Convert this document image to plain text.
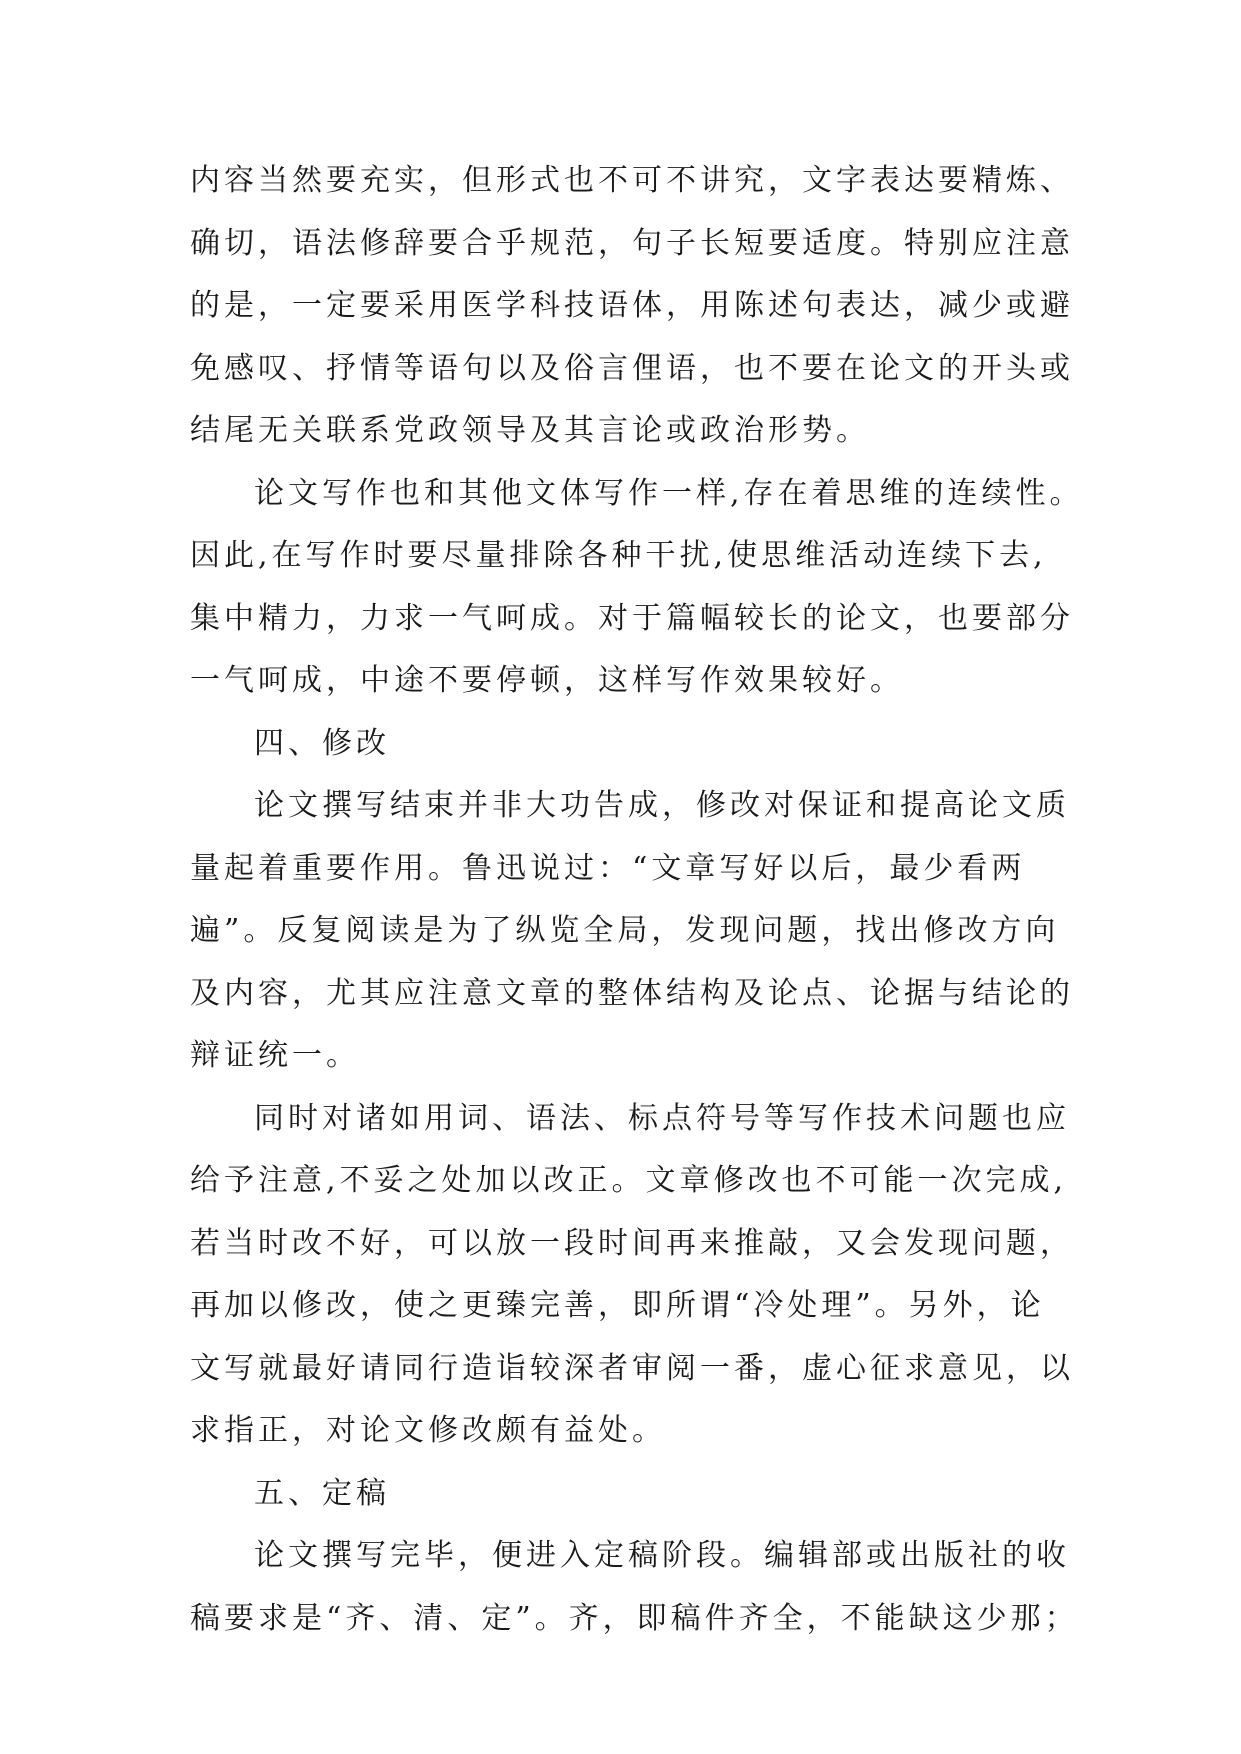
内容当然要充实，但形式也不可不讲究，文字表达要精炼、
确切，语法修辞要合乎规范，句子长短要适度。特别应注意
的是，一定要采用医学科技语体，用陈述句表达，减少或避
免感叹、抒情等语句以及俗言俚语，也不要在论文的开头或
结尾无关联系党政领导及其言论或政治形势。
论文写作也和其他文体写作一样,存在着思维的连续性。
因此,在写作时要尽量排除各种干扰,使思维活动连续下去,
集中精力，力求一气呵成。对于篇幅较长的论文，也要部分
一气呵成，中途不要停顿，这样写作效果较好。
四、修改
论文撰写结束并非大功告成，修改对保证和提高论文质
量起着重要作用。鲁迅说过：“文章写好以后，最少看两
遍”。反复阅读是为了纵览全局，发现问题，找出修改方向
及内容，尤其应注意文章的整体结构及论点、论据与结论的
辩证统一。
同时对诸如用词、语法、标点符号等写作技术问题也应
给予注意,不妥之处加以改正。文章修改也不可能一次完成,
若当时改不好，可以放一段时间再来推敲，又会发现问题，
再加以修改，使之更臻完善，即所谓“冷处理”。另外，论
文写就最好请同行造诣较深者审阅一番，虚心征求意见，以
求指正，对论文修改颇有益处。
五、定稿
论文撰写完毕，便进入定稿阶段。编辑部或出版社的收
稿要求是“齐、清、定”。齐，即稿件齐全，不能缺这少那；
